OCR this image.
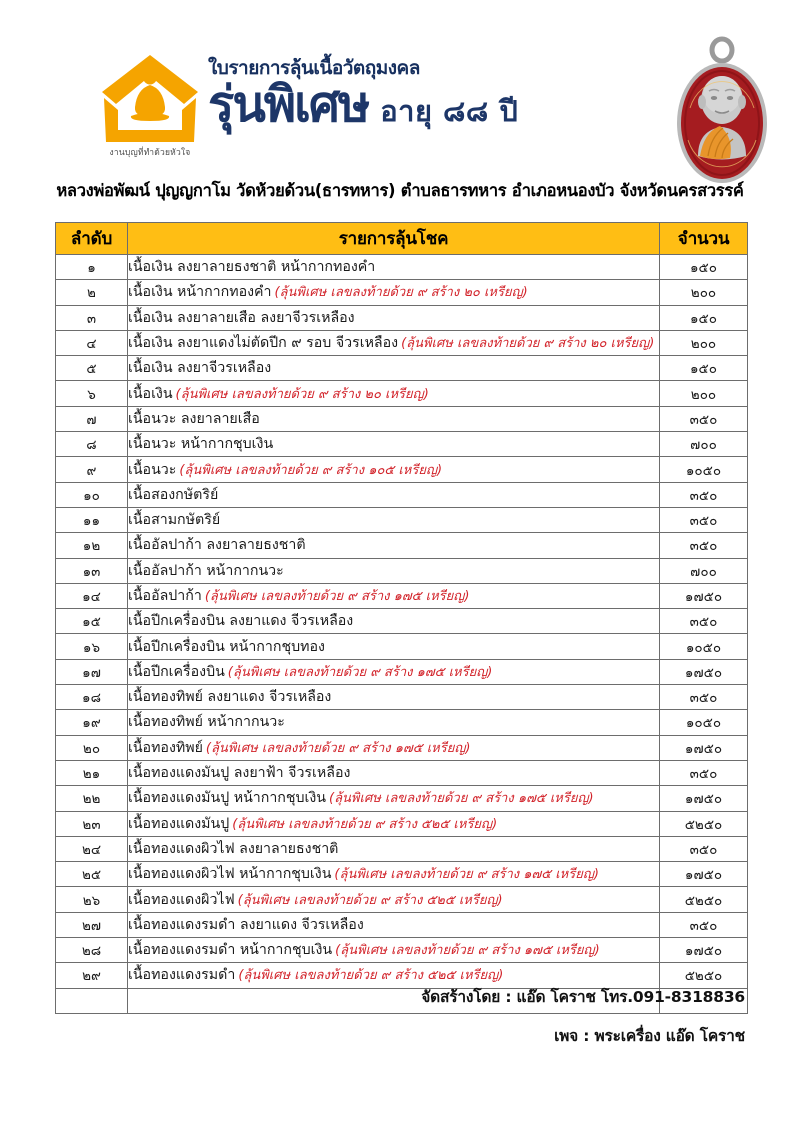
งานบุญที่ทำด้วยหัวใจ
ใบรายการลุ้นเนื้อวัตถุมงคล
รุ่นพิเศษ อายุ ๘๘ ปี
หลวงพ่อพัฒน์ ปุญญกาโม วัดห้วยด้วน(ธารทหาร) ตำบลธารทหาร อำเภอหนองบัว จังหวัดนครสวรรค์
ลำดับ	รายการลุ้นโชค	จำนวน
๑	เนื้อเงิน ลงยาลายธงชาติ หน้ากากทองคำ	๑๕๐
๒	เนื้อเงิน หน้ากากทองคำ (ลุ้นพิเศษ เลขลงท้ายด้วย ๙ สร้าง ๒๐ เหรียญ)	๒๐๐
๓	เนื้อเงิน ลงยาลายเสือ ลงยาจีวรเหลือง	๑๕๐
๔	เนื้อเงิน ลงยาแดงไม่ตัดปีก ๙ รอบ จีวรเหลือง (ลุ้นพิเศษ เลขลงท้ายด้วย ๙ สร้าง ๒๐ เหรียญ)	๒๐๐
๕	เนื้อเงิน ลงยาจีวรเหลือง	๑๕๐
๖	เนื้อเงิน (ลุ้นพิเศษ เลขลงท้ายด้วย ๙ สร้าง ๒๐ เหรียญ)	๒๐๐
๗	เนื้อนวะ ลงยาลายเสือ	๓๕๐
๘	เนื้อนวะ หน้ากากชุบเงิน	๗๐๐
๙	เนื้อนวะ (ลุ้นพิเศษ เลขลงท้ายด้วย ๙ สร้าง ๑๐๕ เหรียญ)	๑๐๕๐
๑๐	เนื้อสองกษัตริย์	๓๕๐
๑๑	เนื้อสามกษัตริย์	๓๕๐
๑๒	เนื้ออัลปาก้า ลงยาลายธงชาติ	๓๕๐
๑๓	เนื้ออัลปาก้า หน้ากากนวะ	๗๐๐
๑๔	เนื้ออัลปาก้า (ลุ้นพิเศษ เลขลงท้ายด้วย ๙ สร้าง ๑๗๕ เหรียญ)	๑๗๕๐
๑๕	เนื้อปีกเครื่องบิน ลงยาแดง จีวรเหลือง	๓๕๐
๑๖	เนื้อปีกเครื่องบิน หน้ากากชุบทอง	๑๐๕๐
๑๗	เนื้อปีกเครื่องบิน (ลุ้นพิเศษ เลขลงท้ายด้วย ๙ สร้าง ๑๗๕ เหรียญ)	๑๗๕๐
๑๘	เนื้อทองทิพย์ ลงยาแดง จีวรเหลือง	๓๕๐
๑๙	เนื้อทองทิพย์ หน้ากากนวะ	๑๐๕๐
๒๐	เนื้อทองทิพย์ (ลุ้นพิเศษ เลขลงท้ายด้วย ๙ สร้าง ๑๗๕ เหรียญ)	๑๗๕๐
๒๑	เนื้อทองแดงมันปู ลงยาฟ้า จีวรเหลือง	๓๕๐
๒๒	เนื้อทองแดงมันปู หน้ากากชุบเงิน (ลุ้นพิเศษ เลขลงท้ายด้วย ๙ สร้าง ๑๗๕ เหรียญ)	๑๗๕๐
๒๓	เนื้อทองแดงมันปู (ลุ้นพิเศษ เลขลงท้ายด้วย ๙ สร้าง ๕๒๕ เหรียญ)	๕๒๕๐
๒๔	เนื้อทองแดงผิวไฟ ลงยาลายธงชาติ	๓๕๐
๒๕	เนื้อทองแดงผิวไฟ หน้ากากชุบเงิน (ลุ้นพิเศษ เลขลงท้ายด้วย ๙ สร้าง ๑๗๕ เหรียญ)	๑๗๕๐
๒๖	เนื้อทองแดงผิวไฟ (ลุ้นพิเศษ เลขลงท้ายด้วย ๙ สร้าง ๕๒๕ เหรียญ)	๕๒๕๐
๒๗	เนื้อทองแดงรมดำ ลงยาแดง จีวรเหลือง	๓๕๐
๒๘	เนื้อทองแดงรมดำ หน้ากากชุบเงิน (ลุ้นพิเศษ เลขลงท้ายด้วย ๙ สร้าง ๑๗๕ เหรียญ)	๑๗๕๐
๒๙	เนื้อทองแดงรมดำ (ลุ้นพิเศษ เลขลงท้ายด้วย ๙ สร้าง ๕๒๕ เหรียญ)	๕๒๕๐

จัดสร้างโดย : แอ๊ด โคราช โทร.091-8318836
เพจ : พระเครื่อง แอ๊ด โคราช
